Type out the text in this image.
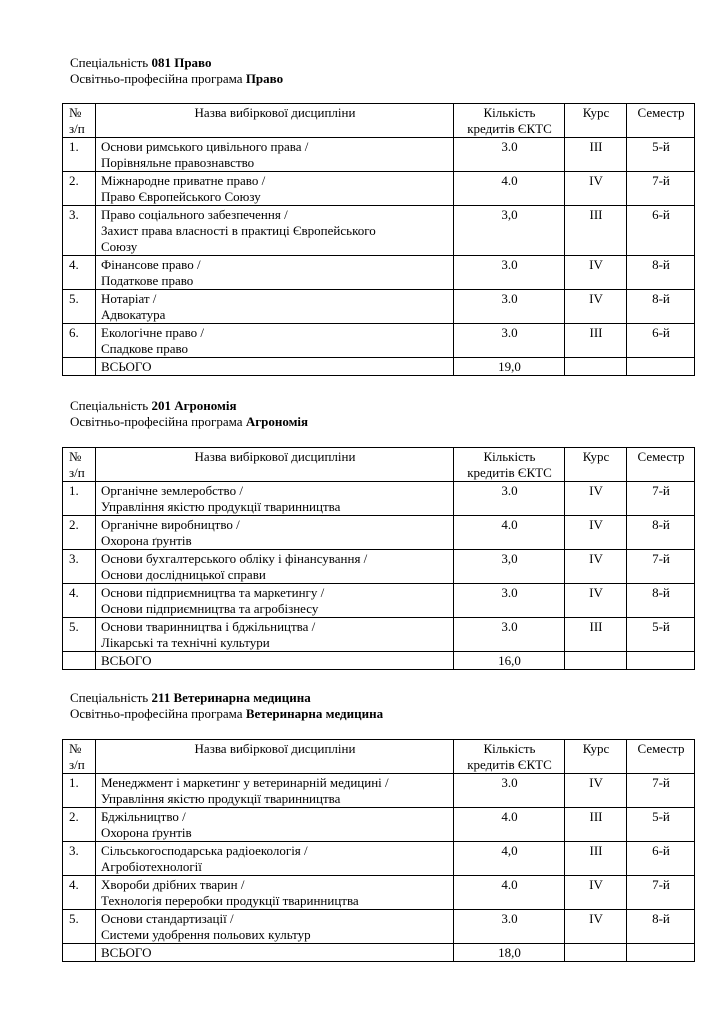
Спеціальність 081 Право
Освітньо-професійна програма Право
№
з/п	Назва вибіркової дисципліни	Кількість
кредитів ЄКТС	Курс	Семестр
1.	Основи римського цивільного права /
Порівняльне правознавство	3.0	III	5-й
2.	Міжнародне приватне право /
Право Європейського Союзу	4.0	IV	7-й
3.	Право соціального забезпечення /
Захист права власності в практиці Європейського
Союзу	3,0	III	6-й
4.	Фінансове право /
Податкове право	3.0	IV	8-й
5.	Нотаріат /
Адвокатура	3.0	IV	8-й
6.	Екологічне право /
Спадкове право	3.0	III	6-й
	ВСЬОГО	19,0		
Спеціальність 201 Агрономія
Освітньо-професійна програма Агрономія
№
з/п	Назва вибіркової дисципліни	Кількість
кредитів ЄКТС	Курс	Семестр
1.	Органічне землеробство /
Управління якістю продукції тваринництва	3.0	IV	7-й
2.	Органічне виробництво /
Охорона ґрунтів	4.0	IV	8-й
3.	Основи бухгалтерського обліку і фінансування /
Основи дослідницької справи	3,0	IV	7-й
4.	Основи підприємництва та маркетингу /
Основи підприємництва та агробізнесу	3.0	IV	8-й
5.	Основи тваринництва і бджільництва /
Лікарські та технічні культури	3.0	III	5-й
	ВСЬОГО	16,0		
Спеціальність 211 Ветеринарна медицина
Освітньо-професійна програма Ветеринарна медицина
№
з/п	Назва вибіркової дисципліни	Кількість
кредитів ЄКТС	Курс	Семестр
1.	Менеджмент і маркетинг у ветеринарній медицині /
Управління якістю продукції тваринництва	3.0	IV	7-й
2.	Бджільництво /
Охорона ґрунтів	4.0	III	5-й
3.	Сільськогосподарська радіоекологія /
Агробіотехнології	4,0	III	6-й
4.	Хвороби дрібних тварин /
Технологія переробки продукції тваринництва	4.0	IV	7-й
5.	Основи стандартизації /
Системи удобрення польових культур	3.0	IV	8-й
	ВСЬОГО	18,0		
